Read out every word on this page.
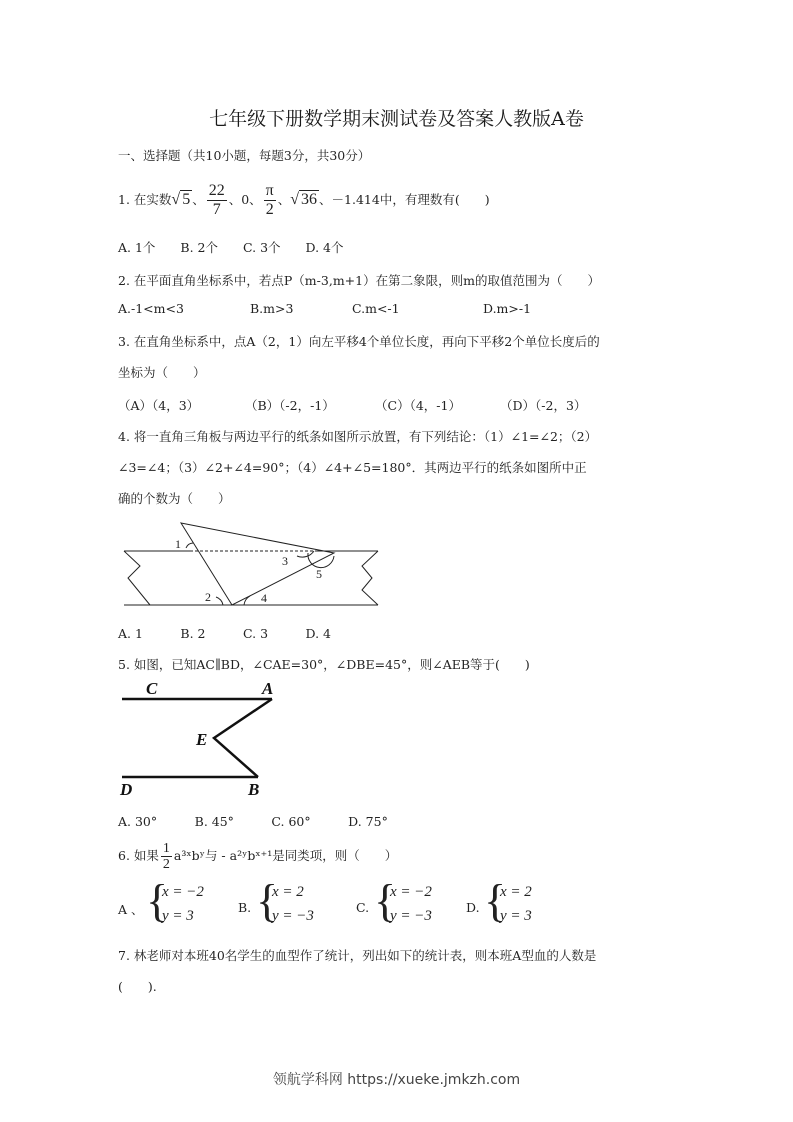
七年级下册数学期末测试卷及答案人教版A卷
一、选择题（共10小题，每题3分，共30分）
1. 在实数√ 5 、 $\frac{22}{7}$ 、0、 $\frac{\pi}{2}$ 、√ 36 、－1.414中，有理数有(　　)
A. 1个　　B. 2个　　C. 3个　　D. 4个
2. 在平面直角坐标系中，若点P（m-3,m+1）在第二象限，则m的取值范围为（　　）
A.-1<m<3	B.m>3	C.m<-1	D.m>-1
3. 在直角坐标系中，点A（2，1）向左平移4个单位长度，再向下平移2个单位长度后的
坐标为（　　）
（A）（4，3）	（B）（-2，-1）	（C）（4，-1）	（D）（-2，3）
4. 将一直角三角板与两边平行的纸条如图所示放置，有下列结论：（1）∠1=∠2；（2）
∠3=∠4；（3）∠2+∠4=90°；（4）∠4+∠5=180°．其两边平行的纸条如图所中正
确的个数为（　　）
1
2
3
4
5
C	A
E
D	B
A. 1　　　B. 2　　　C. 3　　　D. 4
5. 如图，已知AC∥BD，∠CAE=30°，∠DBE=45°，则∠AEB等于(　　)
A. 30°　　　B. 45°　　　C. 60°　　　D. 75°
6. 如果 $\frac{1}{2}$ a³ˣbʸ与 - a²ʸbˣ⁺¹是同类项，则（　　）
A 、 {
x = −2
y = 3
B. {
x = 2
y = −3
C. {
x = −2
y = −3
D. {
x = 2
y = 3
7. 林老师对本班40名学生的血型作了统计，列出如下的统计表，则本班A型血的人数是
(　　).
领航学科网 https://xueke.jmkzh.com
